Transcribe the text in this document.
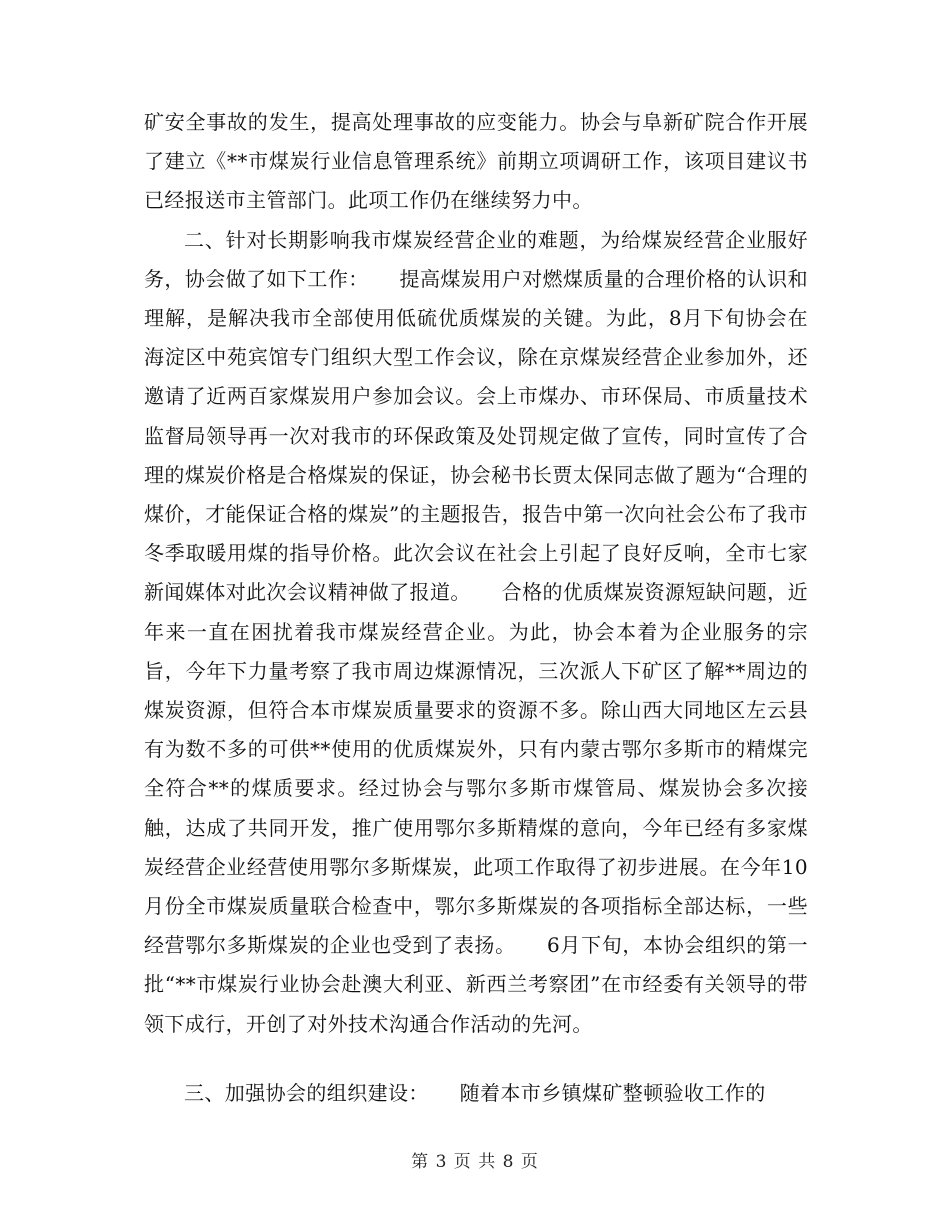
矿安全事故的发生，提高处理事故的应变能力。协会与阜新矿院合作开展了建立《**市煤炭行业信息管理系统》前期立项调研工作，该项目建议书已经报送市主管部门。此项工作仍在继续努力中。

二、针对长期影响我市煤炭经营企业的难题，为给煤炭经营企业服好务，协会做了如下工作：　　提高煤炭用户对燃煤质量的合理价格的认识和理解，是解决我市全部使用低硫优质煤炭的关键。为此，8月下旬协会在海淀区中苑宾馆专门组织大型工作会议，除在京煤炭经营企业参加外，还邀请了近两百家煤炭用户参加会议。会上市煤办、市环保局、市质量技术监督局领导再一次对我市的环保政策及处罚规定做了宣传，同时宣传了合理的煤炭价格是合格煤炭的保证，协会秘书长贾太保同志做了题为“合理的煤价，才能保证合格的煤炭”的主题报告，报告中第一次向社会公布了我市冬季取暖用煤的指导价格。此次会议在社会上引起了良好反响，全市七家新闻媒体对此次会议精神做了报道。　　合格的优质煤炭资源短缺问题，近年来一直在困扰着我市煤炭经营企业。为此，协会本着为企业服务的宗旨，今年下力量考察了我市周边煤源情况，三次派人下矿区了解**周边的煤炭资源，但符合本市煤炭质量要求的资源不多。除山西大同地区左云县有为数不多的可供**使用的优质煤炭外，只有内蒙古鄂尔多斯市的精煤完全符合**的煤质要求。经过协会与鄂尔多斯市煤管局、煤炭协会多次接触，达成了共同开发，推广使用鄂尔多斯精煤的意向，今年已经有多家煤炭经营企业经营使用鄂尔多斯煤炭，此项工作取得了初步进展。在今年10月份全市煤炭质量联合检查中，鄂尔多斯煤炭的各项指标全部达标，一些经营鄂尔多斯煤炭的企业也受到了表扬。　　6月下旬，本协会组织的第一批“**市煤炭行业协会赴澳大利亚、新西兰考察团”在市经委有关领导的带领下成行，开创了对外技术沟通合作活动的先河。

三、加强协会的组织建设：　　随着本市乡镇煤矿整顿验收工作的

第 3 页 共 8 页
